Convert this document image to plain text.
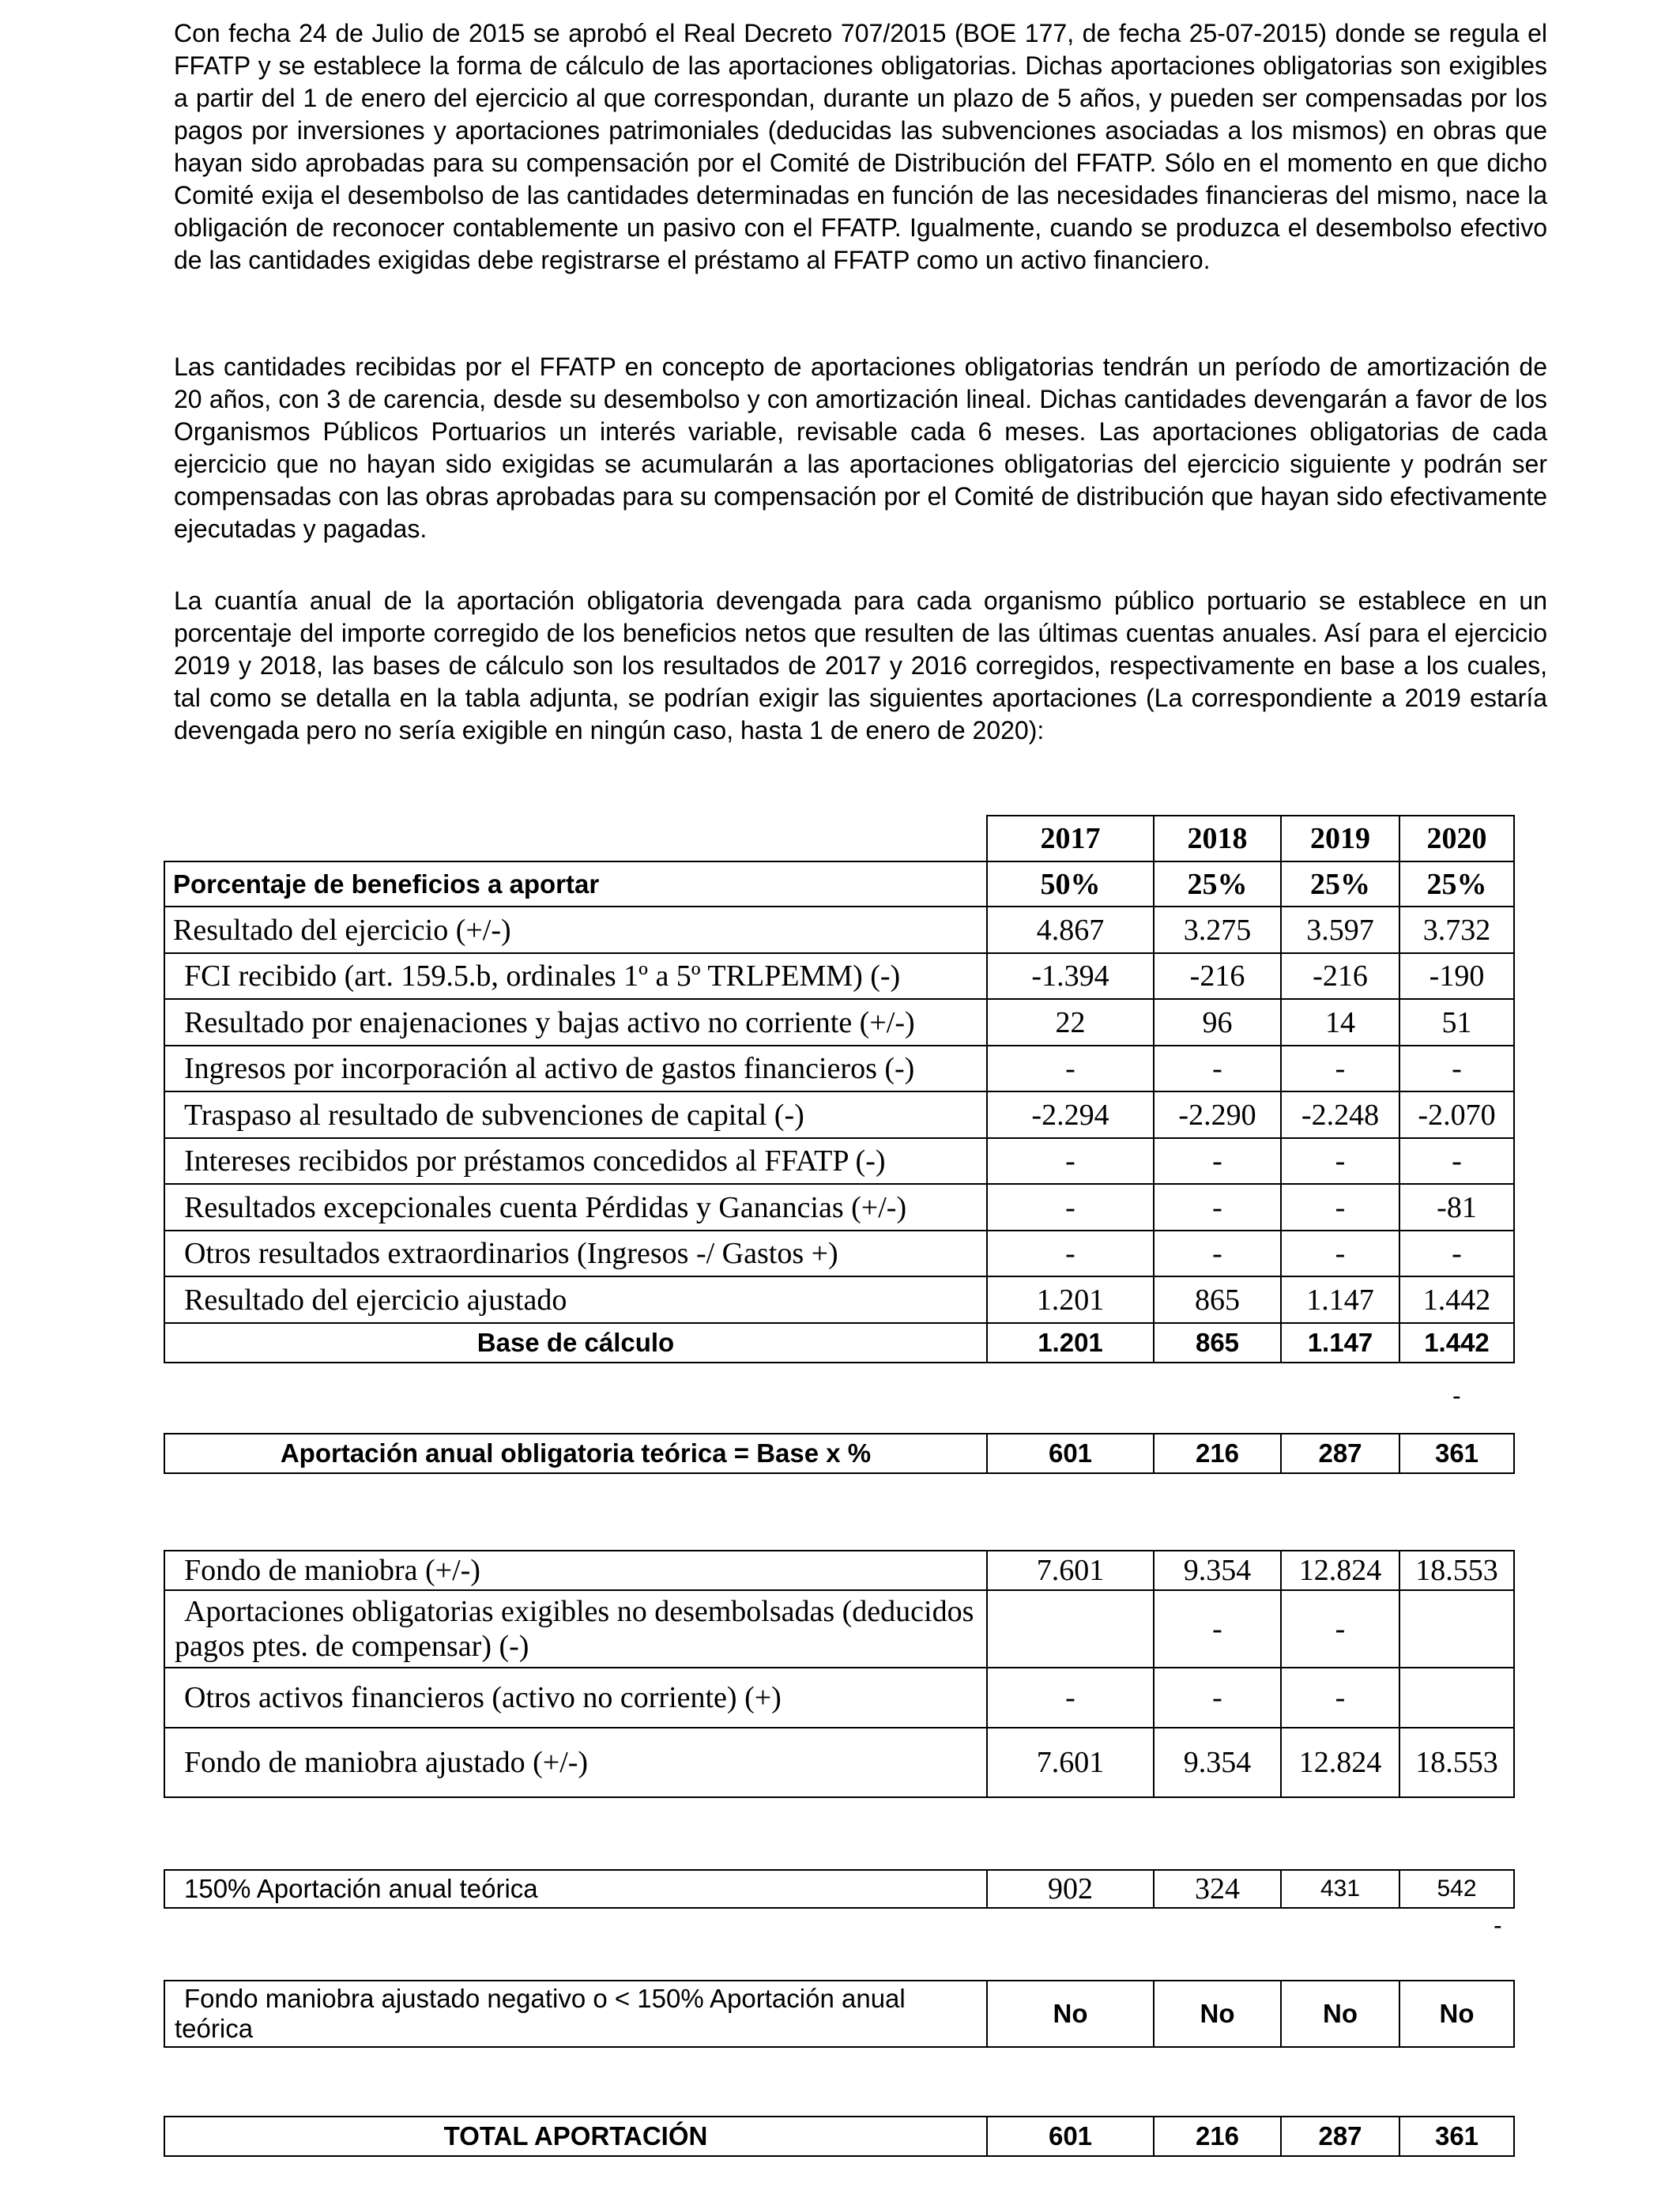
Con fecha 24 de Julio de 2015 se aprobó el Real Decreto 707/2015 (BOE 177, de fecha 25-07-2015) donde se regula el FFATP y se establece la forma de cálculo de las aportaciones obligatorias. Dichas aportaciones obligatorias son exigibles a partir del 1 de enero del ejercicio al que correspondan, durante un plazo de 5 años, y pueden ser compensadas por los pagos por inversiones y aportaciones patrimoniales (deducidas las subvenciones asociadas a los mismos) en obras que hayan sido aprobadas para su compensación por el Comité de Distribución del FFATP. Sólo en el momento en que dicho Comité exija el desembolso de las cantidades determinadas en función de las necesidades financieras del mismo, nace la obligación de reconocer contablemente un pasivo con el FFATP. Igualmente, cuando se produzca el desembolso efectivo de las cantidades exigidas debe registrarse el préstamo al FFATP como un activo financiero.

Las cantidades recibidas por el FFATP en concepto de aportaciones obligatorias tendrán un período de amortización de 20 años, con 3 de carencia, desde su desembolso y con amortización lineal. Dichas cantidades devengarán a favor de los Organismos Públicos Portuarios un interés variable, revisable cada 6 meses. Las aportaciones obligatorias de cada ejercicio que no hayan sido exigidas se acumularán a las aportaciones obligatorias del ejercicio siguiente y podrán ser compensadas con las obras aprobadas para su compensación por el Comité de distribución que hayan sido efectivamente ejecutadas y pagadas.

La cuantía anual de la aportación obligatoria devengada para cada organismo público portuario se establece en un porcentaje del importe corregido de los beneficios netos que resulten de las últimas cuentas anuales. Así para el ejercicio 2019 y 2018, las bases de cálculo son los resultados de 2017 y 2016 corregidos, respectivamente en base a los cuales, tal como se detalla en la tabla adjunta, se podrían exigir las siguientes aportaciones (La correspondiente a 2019 estaría devengada pero no sería exigible en ningún caso, hasta 1 de enero de 2020):

	2017	2018	2019	2020
Porcentaje de beneficios a aportar	50%	25%	25%	25%
Resultado del ejercicio (+/-)	4.867	3.275	3.597	3.732
FCI recibido (art. 159.5.b, ordinales 1º a 5º TRLPEMM) (-)	-1.394	-216	-216	-190
Resultado por enajenaciones y bajas activo no corriente (+/-)	22	96	14	51
Ingresos por incorporación al activo de gastos financieros (-)	-	-	-	-
Traspaso al resultado de subvenciones de capital (-)	-2.294	-2.290	-2.248	-2.070
Intereses recibidos por préstamos concedidos al FFATP (-)	-	-	-	-
Resultados excepcionales cuenta Pérdidas y Ganancias (+/-)	-	-	-	-81
Otros resultados extraordinarios (Ingresos -/ Gastos +)	-	-	-	-
Resultado del ejercicio ajustado	1.201	865	1.147	1.442
Base de cálculo	1.201	865	1.147	1.442
-
Aportación anual obligatoria teórica = Base x %	601	216	287	361
Fondo de maniobra (+/-)	7.601	9.354	12.824	18.553
Aportaciones obligatorias exigibles no desembolsadas (deducidos pagos ptes. de compensar) (-)		-	-	
Otros activos financieros (activo no corriente) (+)	-	-	-	
Fondo de maniobra ajustado (+/-)	7.601	9.354	12.824	18.553
150% Aportación anual teórica	902	324	431	542
-
Fondo maniobra ajustado negativo o < 150% Aportación anual teórica	No	No	No	No
TOTAL APORTACIÓN	601	216	287	361
